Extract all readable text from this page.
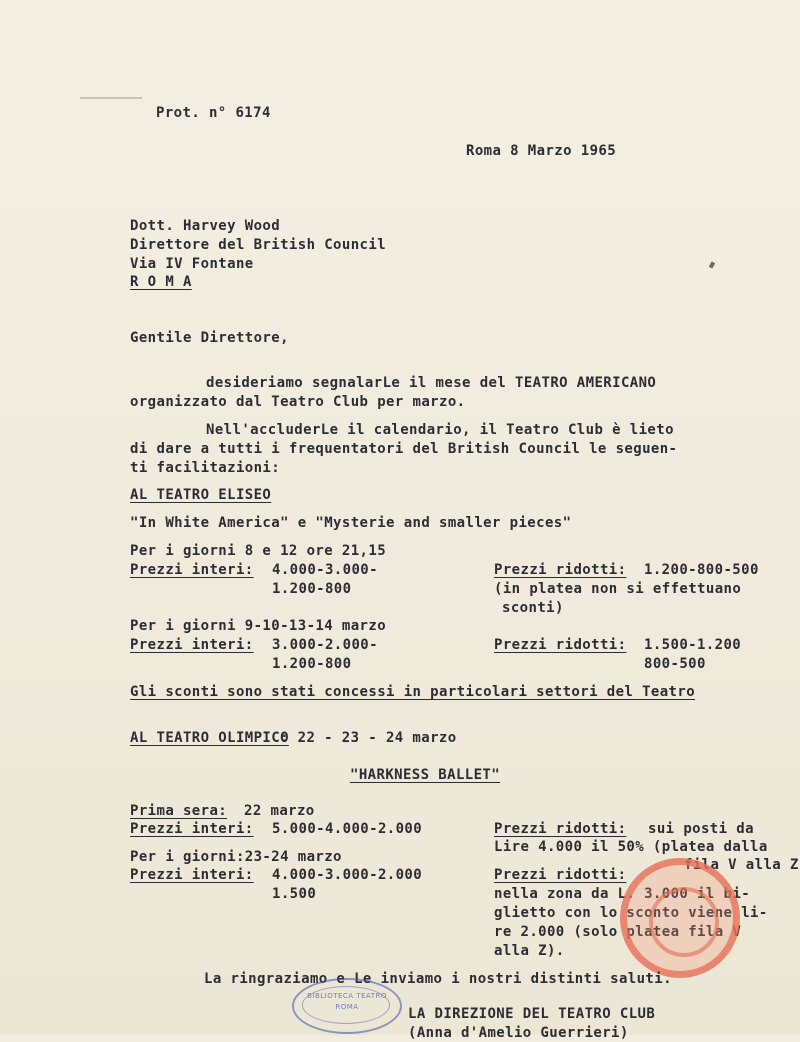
Prot. n° 6174
Roma 8 Marzo 1965
Dott. Harvey Wood
Direttore del British Council
Via IV Fontane
R O M A
Gentile Direttore,
desideriamo segnalarLe il mese del TEATRO AMERICANO
organizzato dal Teatro Club per marzo.
Nell'accluderLe il calendario, il Teatro Club è lieto
di dare a tutti i frequentatori del British Council le seguen-
ti facilitazioni:
AL TEATRO ELISEO
"In White America" e "Mysterie and smaller pieces"
Per i giorni 8 e 12 ore 21,15
Prezzi interi: 4.000-3.000-
1.200-800
Prezzi ridotti: 1.200-800-500
(in platea non si effettuano
sconti)
Per i giorni 9-10-13-14 marzo
Prezzi interi: 3.000-2.000-
1.200-800
Prezzi ridotti: 1.500-1.200
800-500
Gli sconti sono stati concessi in particolari settori del Teatro
AL TEATRO OLIMPICO
: 22 - 23 - 24 marzo
"HARKNESS BALLET"
Prima sera: 22 marzo
Prezzi interi: 5.000-4.000-2.000
Per i giorni:23-24 marzo
Prezzi interi: 4.000-3.000-2.000
1.500
Prezzi ridotti: sui posti da
Lire 4.000 il 50% (platea dalla
fila V alla Z
Prezzi ridotti:
nella zona da L. 3.000 il bi-
glietto con lo sconto viene li-
re 2.000 (solo platea fila V
alla Z).
La ringraziamo e Le inviamo i nostri distinti saluti.
BIBLIOTECA TEATRO
ROMA	LA DIREZIONE DEL TEATRO CLUB
(Anna d'Amelio Guerrieri)
